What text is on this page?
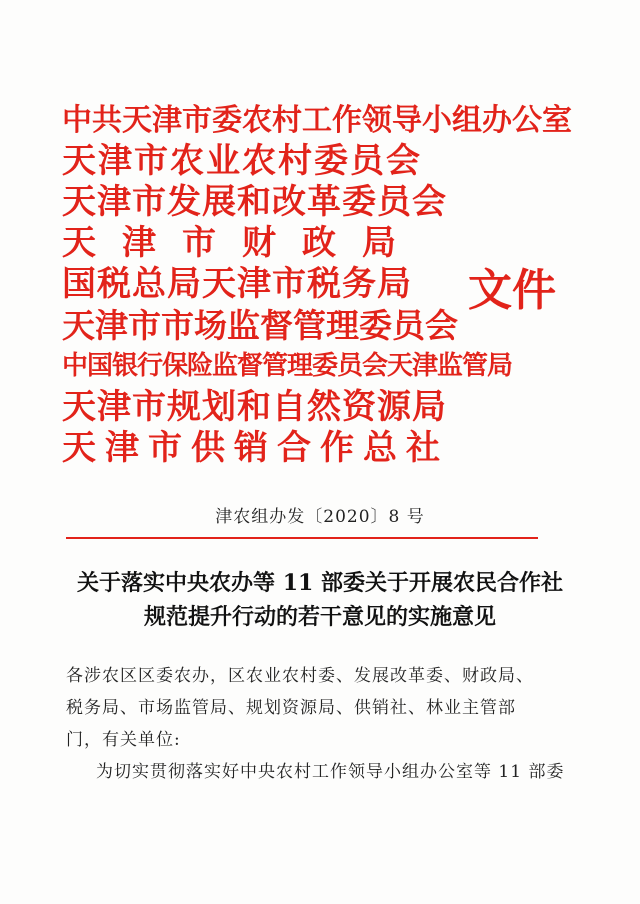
中共天津市委农村工作领导小组办公室
天津市农业农村委员会
天津市发展和改革委员会
天津市财政局
国税总局天津市税务局
天津市市场监督管理委员会
中国银行保险监督管理委员会天津监管局
天津市规划和自然资源局
天津市供销合作总社
文件
津农组办发〔2020〕8 号
关于落实中央农办等 11 部委关于开展农民合作社
规范提升行动的若干意见的实施意见
各涉农区区委农办，区农业农村委、发展改革委、财政局、税务局、市场监管局、规划资源局、供销社、林业主管部门，有关单位:
为切实贯彻落实好中央农村工作领导小组办公室等 11 部委
